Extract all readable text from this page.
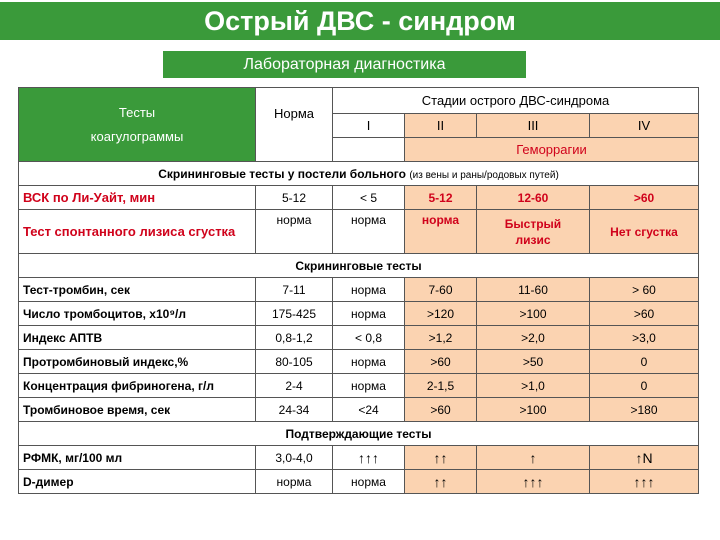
Острый ДВС - синдром
Лабораторная диагностика
Тесты
коагулограммы	Норма	Стадии острого ДВС-синдрома			
		I	II	III	IV
			Геморрагии		
Скрининговые тесты у постели больного (из вены и раны/родовых путей)					
ВСК по Ли-Уайт, мин	5-12	< 5	5-12	12-60	>60
Тест спонтанного лизиса сгустка	норма	норма	норма	Быстрый лизис	Нет сгустка
Скрининговые тесты					
Тест-тромбин, сек	7-11	норма	7-60	11-60	> 60
Число тромбоцитов, х10⁹/л	175-425	норма	>120	>100	>60
Индекс АПТВ	0,8-1,2	< 0,8	>1,2	>2,0	>3,0
Протромбиновый индекс,%	80-105	норма	>60	>50	0
Концентрация фибриногена, г/л	2-4	норма	2-1,5	>1,0	0
Тромбиновое время, сек	24-34	<24	>60	>100	>180
Подтверждающие тесты					
РФМК, мг/100 мл	3,0-4,0	↑↑↑	↑↑	↑	↑N
D-димер	норма	норма	↑↑	↑↑↑	↑↑↑
